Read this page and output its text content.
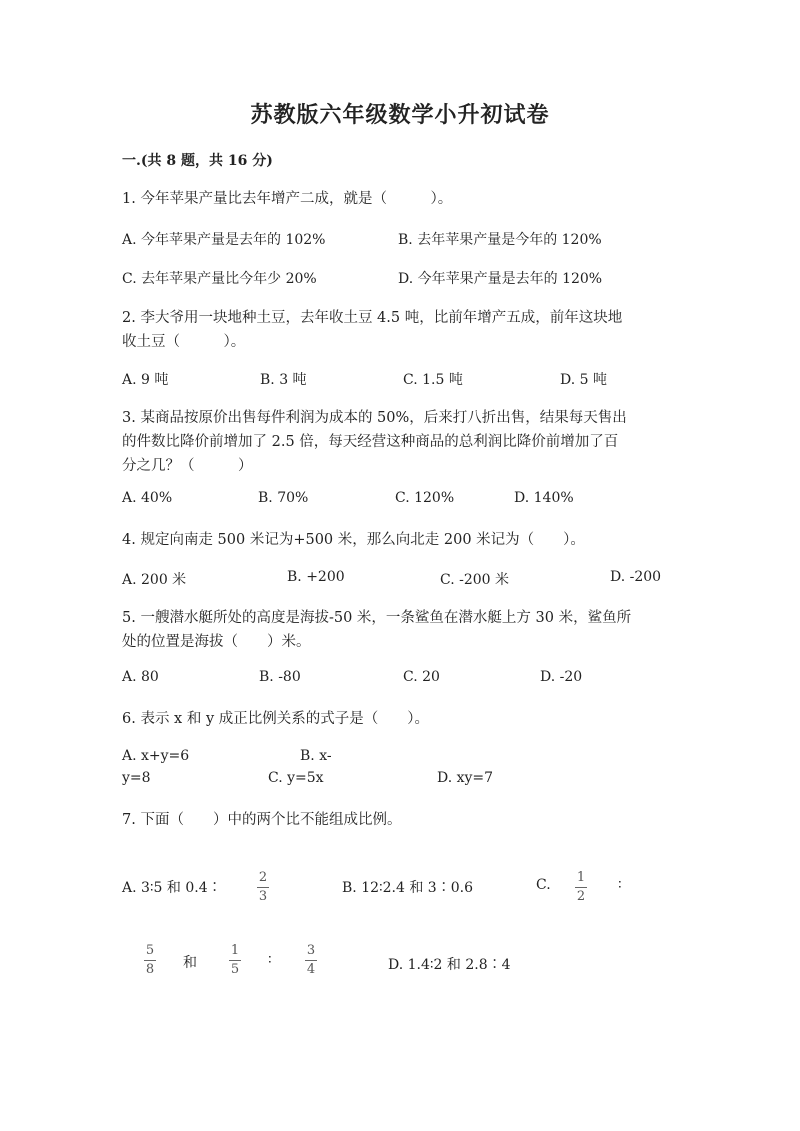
苏教版六年级数学小升初试卷
一.(共 8 题，共 16 分)
1. 今年苹果产量比去年增产二成，就是（　　　）。
A. 今年苹果产量是去年的 102%	B. 去年苹果产量是今年的 120%
C. 去年苹果产量比今年少 20%	D. 今年苹果产量是去年的 120%
2. 李大爷用一块地种土豆，去年收土豆 4.5 吨，比前年增产五成，前年这块地
收土豆（　　　）。
A. 9 吨	B. 3 吨	C. 1.5 吨	D. 5 吨
3. 某商品按原价出售每件利润为成本的 50%，后来打八折出售，结果每天售出
的件数比降价前增加了 2.5 倍，每天经营这种商品的总利润比降价前增加了百
分之几？（　　　）
A. 40%	B. 70%	C. 120%	D. 140%
4. 规定向南走 500 米记为+500 米，那么向北走 200 米记为（　　）。
A. 200 米	B. +200	C. -200 米	D. -200
5. 一艘潜水艇所处的高度是海拔-50 米，一条鲨鱼在潜水艇上方 30 米，鲨鱼所
处的位置是海拔（　　）米。
A. 80	B. -80	C. 20	D. -20
6. 表示 x 和 y 成正比例关系的式子是（　　）。
A. x+y=6	B. x-
y=8	C. y=5x	D. xy=7
7. 下面（　　）中的两个比不能组成比例。
A. 3∶5 和 0.4∶
2
3
B. 12∶2.4 和 3∶0.6	C. 1
2
∶
5
8 和
1
5
∶
3
4	D. 1.4∶2 和 2.8∶4
